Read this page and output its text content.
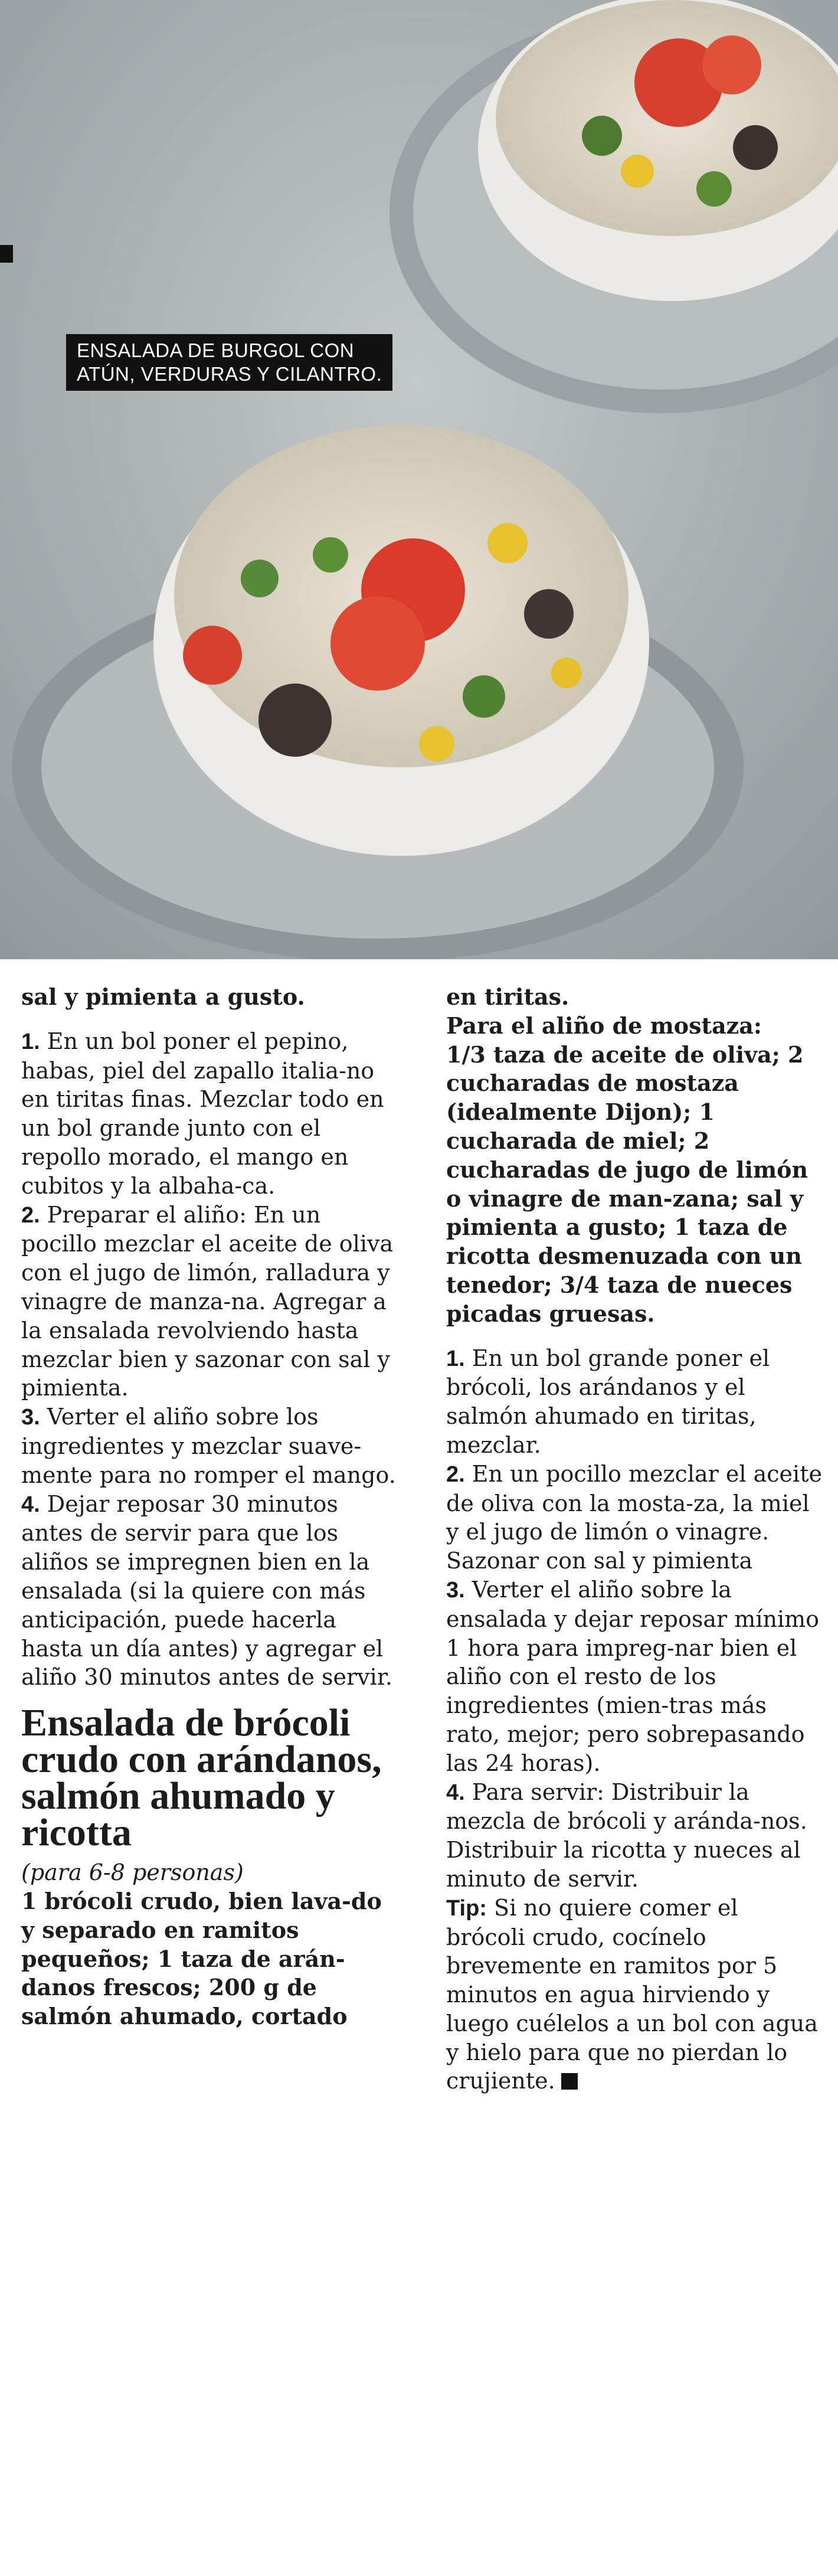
ENSALADA DE BURGOL CON
ATÚN, VERDURAS Y CILANTRO.

sal y pimienta a gusto.

1. En un bol poner el pepino, habas, piel del zapallo italia-no en tiritas finas. Mezclar todo en un bol grande junto con el repollo morado, el mango en cubitos y la albaha-ca.

2. Preparar el aliño: En un pocillo mezclar el aceite de oliva con el jugo de limón, ralladura y vinagre de manza-na. Agregar a la ensalada revolviendo hasta mezclar bien y sazonar con sal y pimienta.

3. Verter el aliño sobre los ingredientes y mezclar suave-mente para no romper el mango.

4. Dejar reposar 30 minutos antes de servir para que los aliños se impregnen bien en la ensalada (si la quiere con más anticipación, puede hacerla hasta un día antes) y agregar el aliño 30 minutos antes de servir.

Ensalada de brócoli crudo con arándanos, salmón ahumado y ricotta

(para 6-8 personas)

1 brócoli crudo, bien lava-do y separado en ramitos pequeños; 1 taza de arán-danos frescos; 200 g de salmón ahumado, cortado

en tiritas.

Para el aliño de mostaza:

1/3 taza de aceite de oliva; 2 cucharadas de mostaza (idealmente Dijon); 1 cucharada de miel; 2 cucharadas de jugo de limón o vinagre de man-zana; sal y pimienta a gusto; 1 taza de ricotta desmenuzada con un tenedor; 3/4 taza de nueces picadas gruesas.

1. En un bol grande poner el brócoli, los arándanos y el salmón ahumado en tiritas, mezclar.

2. En un pocillo mezclar el aceite de oliva con la mosta-za, la miel y el jugo de limón o vinagre. Sazonar con sal y pimienta

3. Verter el aliño sobre la ensalada y dejar reposar mínimo 1 hora para impreg-nar bien el aliño con el resto de los ingredientes (mien-tras más rato, mejor; pero sobrepasando las 24 horas).

4. Para servir: Distribuir la mezcla de brócoli y aránda-nos. Distribuir la ricotta y nueces al minuto de servir.

Tip: Si no quiere comer el brócoli crudo, cocínelo brevemente en ramitos por 5 minutos en agua hirviendo y luego cuélelos a un bol con agua y hielo para que no pierdan lo crujiente.
